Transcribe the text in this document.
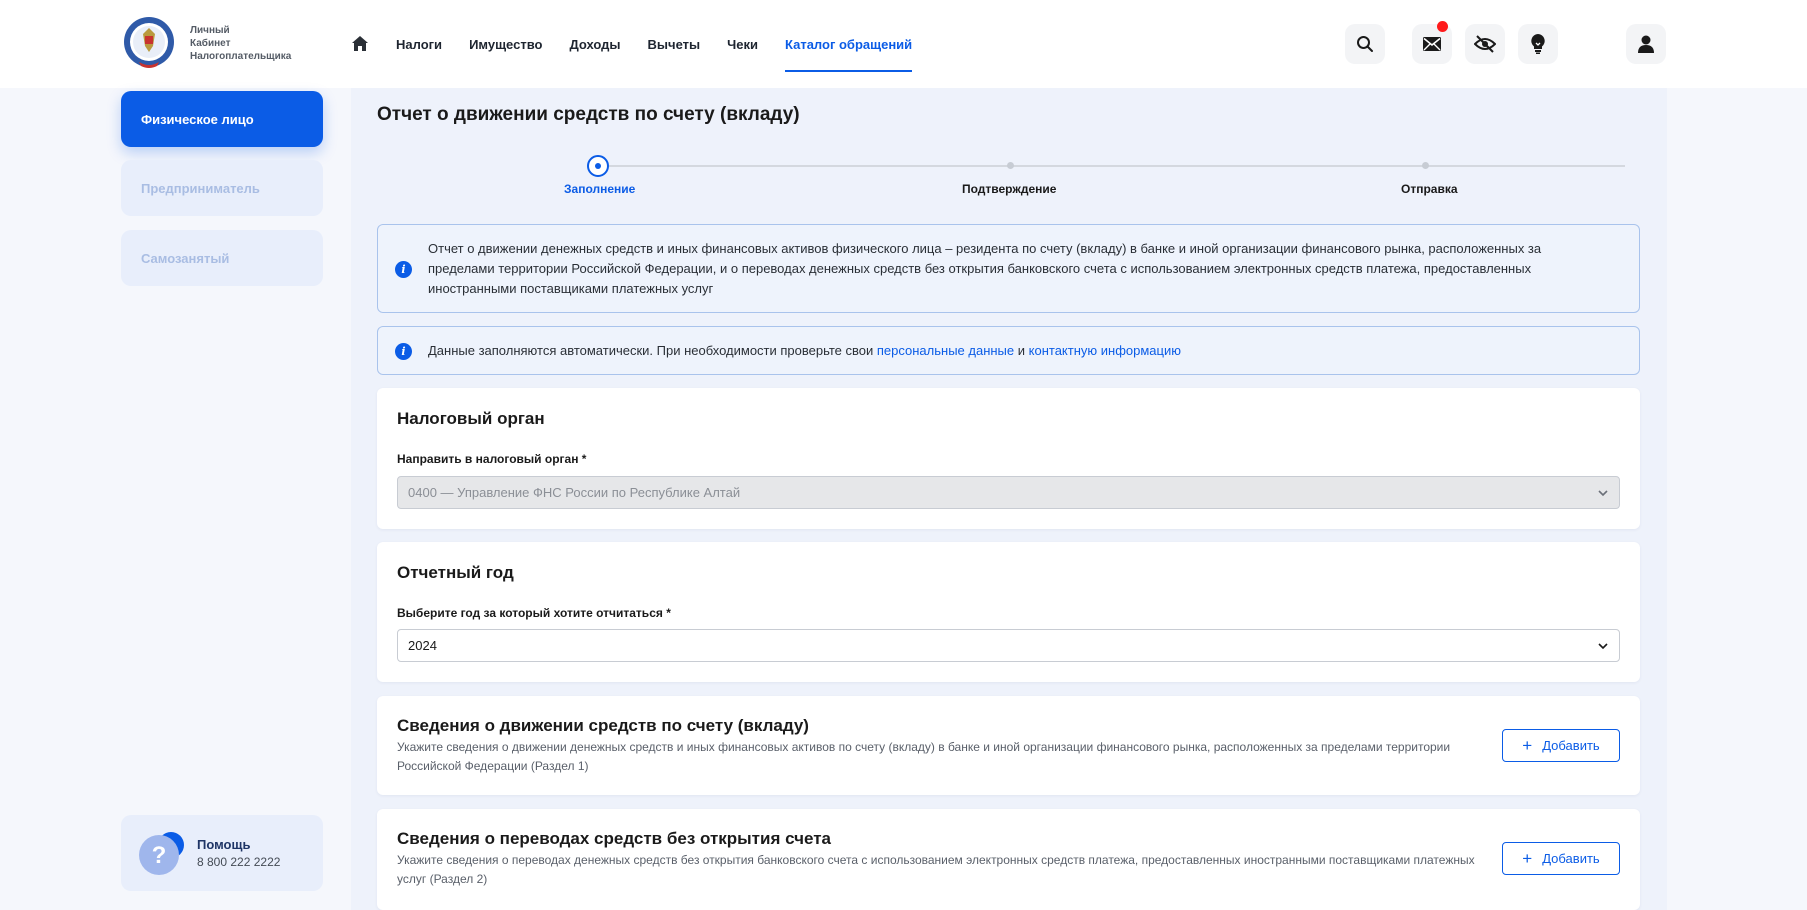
Личный
Кабинет
Налогоплательщика
Налоги Имущество Доходы Вычеты Чеки Каталог обращений
Физическое лицо
Предприниматель
Самозанятый
? Помощь
8 800 222 2222
Отчет о движении средств по счету (вкладу)
Заполнение	Подтверждение	Отправка
i
Отчет о движении денежных средств и иных финансовых активов физического лица – резидента по счету (вкладу) в банке и иной организации финансового рынка, расположенных за пределами территории Российской Федерации, и о переводах денежных средств без открытия банковского счета с использованием электронных средств платежа, предоставленных иностранными поставщиками платежных услуг
i	Данные заполняются автоматически. При необходимости проверьте свои персональные данные и контактную информацию
Налоговый орган
Направить в налоговый орган *
0400 — Управление ФНС России по Республике Алтай
Отчетный год
Выберите год за который хотите отчитаться *
2024
Сведения о движении средств по счету (вкладу)
Укажите сведения о движении денежных средств и иных финансовых активов по счету (вкладу) в банке и иной организации финансового рынка, расположенных за пределами территории Российской Федерации (Раздел 1)
+ Добавить
Сведения о переводах средств без открытия счета
Укажите сведения о переводах денежных средств без открытия банковского счета с использованием электронных средств платежа, предоставленных иностранными поставщиками платежных услуг (Раздел 2)
+ Добавить
